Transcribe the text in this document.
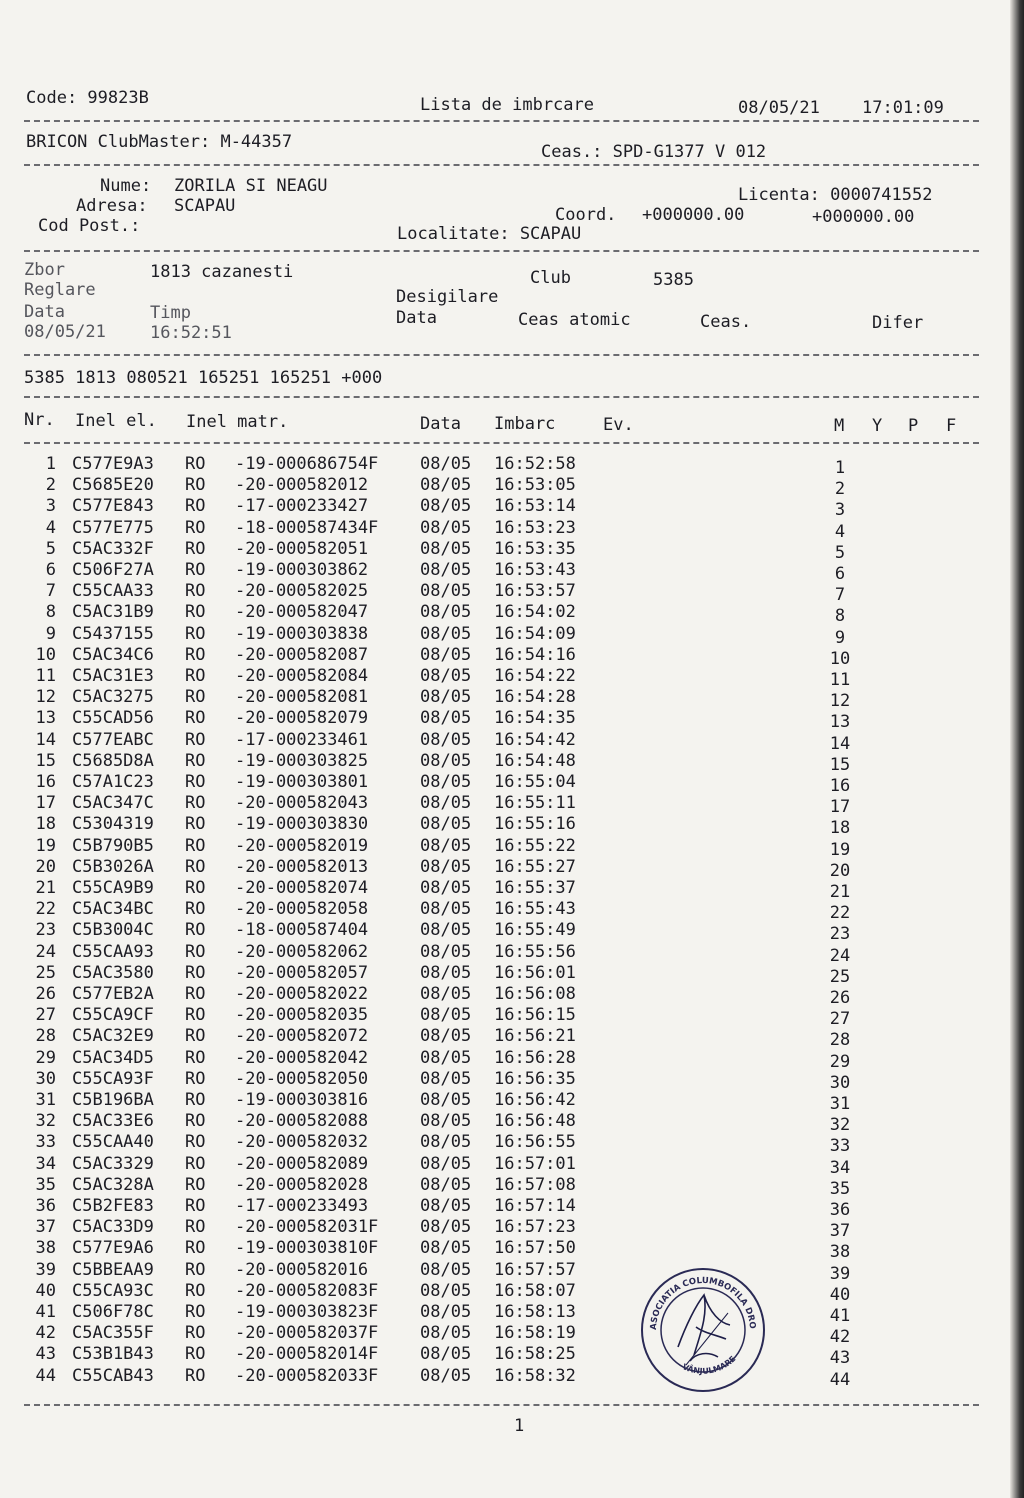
Code: 99823B	Lista de imbrcare	08/05/21 17:01:09
BRICON ClubMaster: M-44357	Ceas.: SPD-G1377 V 012
Nume: ZORILA SI NEAGU
Adresa: SCAPAU
Cod Post.:
Licenta: 0000741552
Coord. +000000.00	+000000.00
Localitate: SCAPAU
Zbor	1813 cazanesti	Club	5385
Reglare	Desigilare
Data	Timp	Data	Ceas atomic	Ceas.	Difer
08/05/21	16:52:51
5385 1813 080521 165251 165251 +000
Nr. Inel el. Inel matr.	Data Imbarc	Ev.	M Y P F
1 C577E9A3 RO -19-000686754F 08/05 16:52:58	1
2 C5685E20 RO -20-000582012	08/05 16:53:05	2
3 C577E843 RO -17-000233427	08/05 16:53:14	3
4 C577E775 RO -18-000587434F 08/05 16:53:23	4
5 C5AC332F RO -20-000582051	08/05 16:53:35	5
6 C506F27A RO -19-000303862	08/05 16:53:43	6
7 C55CAA33 RO -20-000582025	08/05 16:53:57	7
8 C5AC31B9 RO -20-000582047	08/05 16:54:02	8
9 C5437155 RO -19-000303838	08/05 16:54:09	9
10 C5AC34C6 RO -20-000582087	08/05 16:54:16	10
11 C5AC31E3 RO -20-000582084	08/05 16:54:22	11
12 C5AC3275 RO -20-000582081	08/05 16:54:28	12
13 C55CAD56 RO -20-000582079	08/05 16:54:35	13
14 C577EABC RO -17-000233461	08/05 16:54:42	14
15 C5685D8A RO -19-000303825	08/05 16:54:48	15
16 C57A1C23 RO -19-000303801	08/05 16:55:04	16
17 C5AC347C RO -20-000582043	08/05 16:55:11	17
18 C5304319 RO -19-000303830	08/05 16:55:16	18
19 C5B790B5 RO -20-000582019	08/05 16:55:22	19
20 C5B3026A RO -20-000582013	08/05 16:55:27	20
21 C55CA9B9 RO -20-000582074	08/05 16:55:37	21
22 C5AC34BC RO -20-000582058	08/05 16:55:43	22
23 C5B3004C RO -18-000587404	08/05 16:55:49	23
24 C55CAA93 RO -20-000582062	08/05 16:55:56	24
25 C5AC3580 RO -20-000582057	08/05 16:56:01	25
26 C577EB2A RO -20-000582022	08/05 16:56:08	26
27 C55CA9CF RO -20-000582035	08/05 16:56:15	27
28 C5AC32E9 RO -20-000582072	08/05 16:56:21	28
29 C5AC34D5 RO -20-000582042	08/05 16:56:28	29
30 C55CA93F RO -20-000582050	08/05 16:56:35	30
31 C5B196BA RO -19-000303816	08/05 16:56:42	31
32 C5AC33E6 RO -20-000582088	08/05 16:56:48	32
33 C55CAA40 RO -20-000582032	08/05 16:56:55	33
34 C5AC3329 RO -20-000582089	08/05 16:57:01	34
35 C5AC328A RO -20-000582028	08/05 16:57:08	35
36 C5B2FE83 RO -17-000233493	08/05 16:57:14	36
37 C5AC33D9 RO -20-000582031F 08/05 16:57:23	37
38 C577E9A6 RO -19-000303810F 08/05 16:57:50	38
39 C5BBEAA9 RO -20-000582016	08/05 16:57:57	39
40 C55CA93C RO -20-000582083F 08/05 16:58:07	40
41 C506F78C RO -19-000303823F 08/05 16:58:13	41
42 C5AC355F RO -20-000582037F 08/05 16:58:19	42
43 C53B1B43 RO -20-000582014F 08/05 16:58:25	43
44 C55CAB43 RO -20-000582033F 08/05 16:58:32	44
ASOCIATIA COLUMBOFILA DRO
VÂNJULMARE
1
